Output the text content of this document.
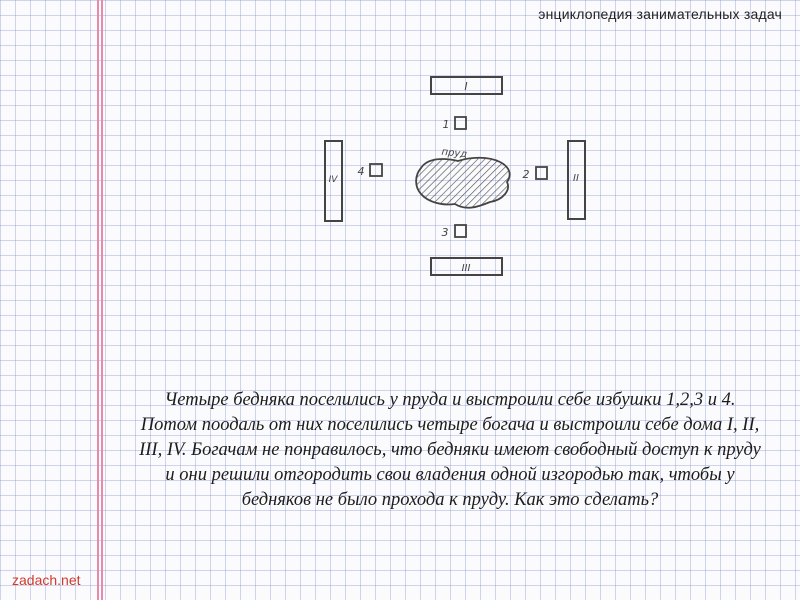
энциклопедия занимательных задач
I
II
III
IV
1
2
3
4
пруд
Четыре бедняка поселились у пруда и выстроили себе избушки 1,2,3 и 4. Потом поодаль от них поселились четыре богача и выстроили себе дома I, II, III, IV. Богачам не понравилось, что бедняки имеют свободный доступ к пруду и они решили отгородить свои владения одной изгородью так, чтобы у бедняков не было прохода к пруду. Как это сделать?
zadach.net
